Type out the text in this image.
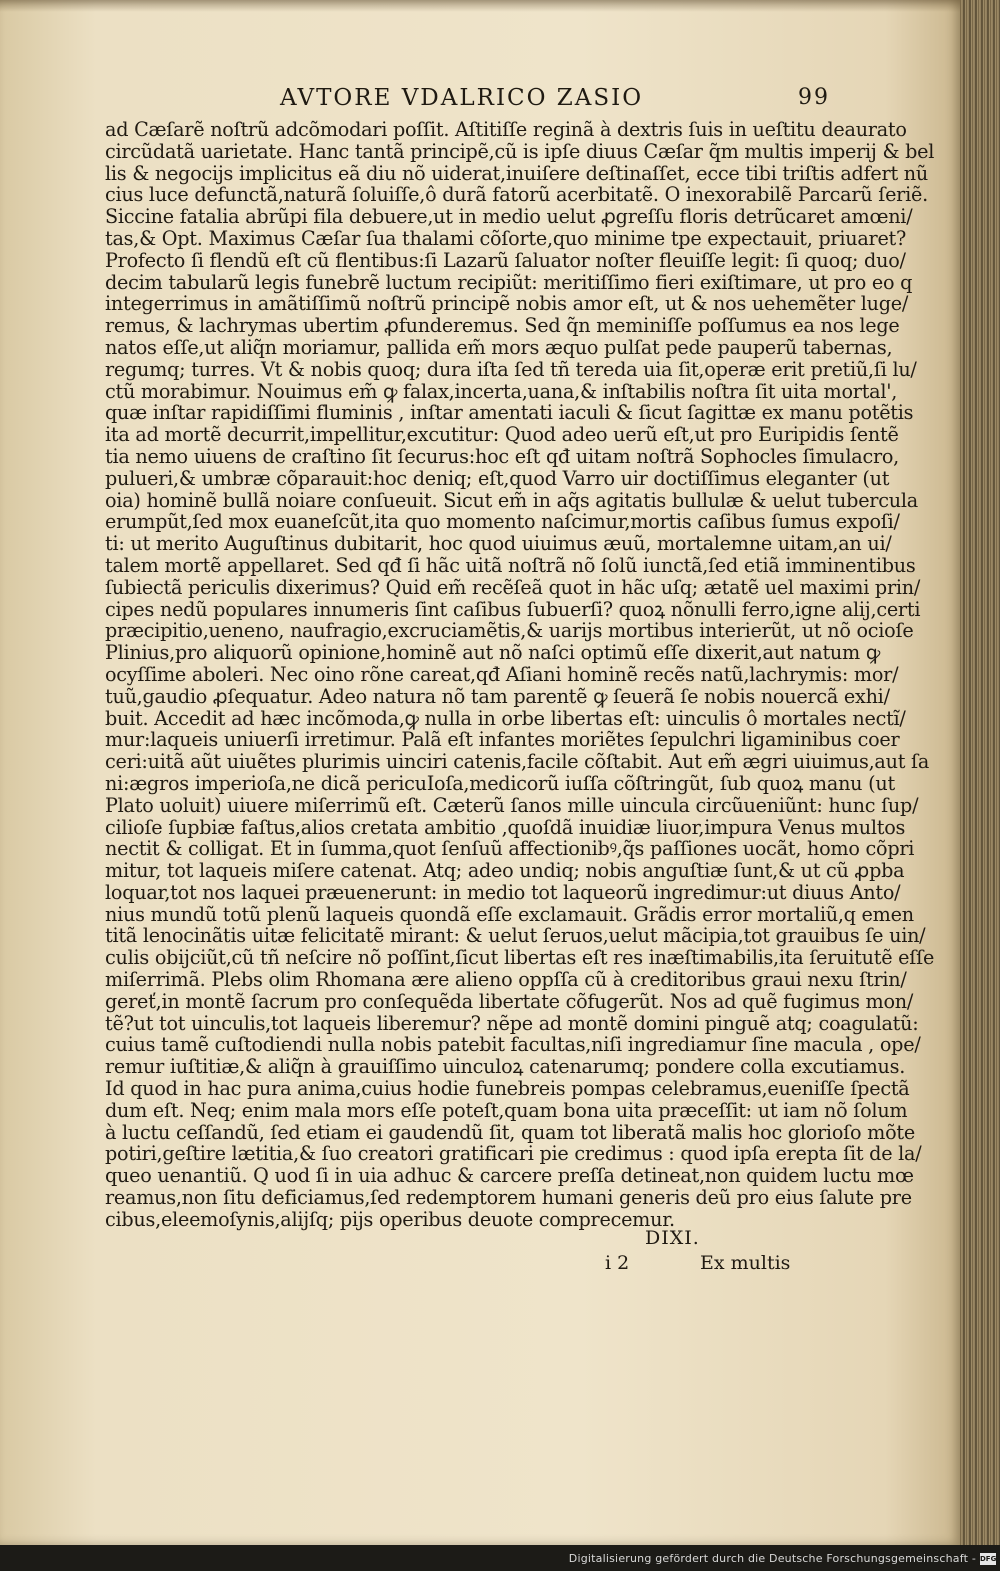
AVTORE VDALRICO ZASIO	99
ad Cæſarẽ noſtrũ adcõmodari poſſit. Aſtitiſſe reginã à dextris ſuis in ueſtitu deaurato
circũdatã uarietate. Hanc tantã principẽ,cũ is ipſe diuus Cæſar q̃m multis imperij & bel
lis & negocijs implicitus eã diu nõ uiderat,inuiſere deſtinaſſet, ecce tibi triſtis adfert nũ
cius luce defunctã,naturã ſoluiſſe,ô durã fatorũ acerbitatẽ. O inexorabilẽ Parcarũ ſeriẽ.
Siccine fatalia abrũpi fila debuere,ut in medio uelut ꝓgreſſu floris detrũcaret amœni/
tas,& Opt. Maximus Cæſar ſua thalami cõſorte,quo minime tpe expectauit, priuaret?
Profecto ſi flendũ eſt cũ flentibus:ſi Lazarũ ſaluator noſter fleuiſſe legit: ſi quoq; duo/
decim tabularũ legis funebrẽ luctum recipiũt: meritiſſimo fieri exiſtimare, ut pro eo q
integerrimus in amãtiſſimũ noſtrũ principẽ nobis amor eſt, ut & nos uehemẽter luge/
remus, & lachrymas ubertim ꝓfunderemus. Sed q̃n meminiſſe poſſumus ea nos lege
natos eſſe,ut aliq̃n moriamur, pallida em̃ mors æquo pulſat pede pauperũ tabernas,
regumq; turres. Vt & nobis quoq; dura iſta ſed tñ tereda uia ſit,operæ erit pretiũ,ſi lu/
ctũ morabimur. Nouimus em̃ ꝙ falax,incerta,uana,& inſtabilis noſtra ſit uita mortal',
quæ inſtar rapidiſſimi fluminis , inſtar amentati iaculi & ſicut ſagittæ ex manu potẽtis
ita ad mortẽ decurrit,impellitur,excutitur: Quod adeo uerũ eſt,ut pro Euripidis ſentẽ
tia nemo uiuens de craſtino ſit ſecurus:hoc eſt qđ uitam noſtrã Sophocles ſimulacro,
pulueri,& umbræ cõparauit:hoc deniq; eſt,quod Varro uir doctiſſimus eleganter (ut
oia) hominẽ bullã noiare conſueuit. Sicut em̃ in aq̃s agitatis bullulæ & uelut tubercula
erumpũt,ſed mox euaneſcũt,ita quo momento naſcimur,mortis caſibus ſumus expoſi/
ti: ut merito Auguſtinus dubitarit, hoc quod uiuimus æuũ, mortalemne uitam,an ui/
talem mortẽ appellaret. Sed qđ ſi hãc uitã noſtrã nõ ſolũ iunctã,ſed etiã imminentibus
ſubiectã periculis dixerimus? Quid em̃ recẽſeã quot in hãc uſq; ætatẽ uel maximi prin/
cipes nedũ populares innumeris ſint caſibus ſubuerſi? quoꝝ nõnulli ferro,igne alij,certi
præcipitio,ueneno, naufragio,excruciamẽtis,& uarijs mortibus interierũt, ut nõ ocioſe
Plinius,pro aliquorũ opinione,hominẽ aut nõ naſci optimũ eſſe dixerit,aut natum ꝙ
ocyſſime aboleri. Nec oino rõne careat,qđ Aſiani hominẽ recẽs natũ,lachrymis: mor/
tuũ,gaudio ꝓſequatur. Adeo natura nõ tam parentẽ ꝙ ſeuerã ſe nobis nouercã exhi/
buit. Accedit ad hæc incõmoda,ꝙ nulla in orbe libertas eſt: uinculis ô mortales nectĩ/
mur:laqueis uniuerſi irretimur. Palã eſt infantes moriẽtes ſepulchri ligaminibus coer
ceri:uitã aũt uiuẽtes plurimis uinciri catenis,facile cõſtabit. Aut em̃ ægri uiuimus,aut ſa
ni:ægros imperioſa,ne dicã pericuIoſa,medicorũ iuſſa cõſtringũt, ſub quoꝝ manu (ut
Plato uoluit) uiuere miſerrimũ eſt. Cæterũ ſanos mille uincula circũueniũnt: hunc ſup/
cilioſe ſupbiæ faſtus,alios cretata ambitio ,quoſdã inuidiæ liuor,impura Venus multos
nectit & colligat. Et in ſumma,quot ſenſuũ affectionibꝰ,q̃s paſſiones uocãt, homo cõpri
mitur, tot laqueis miſere catenat. Atq; adeo undiq; nobis anguſtiæ ſunt,& ut cũ ꝓpba
loquar,tot nos laquei præuenerunt: in medio tot laqueorũ ingredimur:ut diuus Anto/
nius mundũ totũ plenũ laqueis quondã eſſe exclamauit. Grãdis error mortaliũ,q emen
titã lenocinãtis uitæ felicitatẽ mirant: & uelut ſeruos,uelut mãcipia,tot grauibus ſe uin/
culis obijciũt,cũ tñ neſcire nõ poſſint,ſicut libertas eſt res inæſtimabilis,ita ſeruitutẽ eſſe
miſerrimã. Plebs olim Rhomana ære alieno oppſſa cũ à creditoribus graui nexu ſtrin/
gereť,in montẽ ſacrum pro conſequẽda libertate cõfugerũt. Nos ad quẽ fugimus mon/
tẽ?ut tot uinculis,tot laqueis liberemur? nẽpe ad montẽ domini pinguẽ atq; coagulatũ:
cuius tamẽ cuſtodiendi nulla nobis patebit facultas,niſi ingrediamur ſine macula , ope/
remur iuſtitiæ,& aliq̃n à grauiſſimo uinculoꝝ catenarumq; pondere colla excutiamus.
Id quod in hac pura anima,cuius hodie funebreis pompas celebramus,eueniſſe ſpectã
dum eſt. Neq; enim mala mors eſſe poteſt,quam bona uita præceſſit: ut iam nõ ſolum
à luctu ceſſandũ, ſed etiam ei gaudendũ ſit, quam tot liberatã malis hoc glorioſo mõte
potiri,geſtire lætitia,& ſuo creatori gratificari pie credimus : quod ipſa erepta ſit de la/
queo uenantiũ. Q uod ſi in uia adhuc & carcere preſſa detineat,non quidem luctu mœ
reamus,non ſitu deficiamus,ſed redemptorem humani generis deũ pro eius ſalute pre
cibus,eleemoſynis,alijſq; pijs operibus deuote comprecemur.
DIXI.
i 2	Ex multis
Digitalisierung gefördert durch die Deutsche Forschungsgemeinschaft - DFG
